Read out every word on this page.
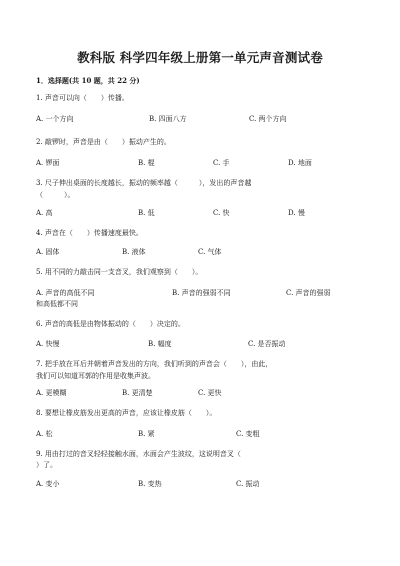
教科版 科学四年级上册第一单元声音测试卷
1．选择题(共 10 题，共 22 分)
1. 声音可以向（　　）传播。
A. 一个方向	B. 四面八方	C. 两个方向
2. 敲锣时，声音是由（　　）振动产生的。
A. 锣面	B. 棍	C. 手	D. 地面
3. 尺子伸出桌面的长度越长，振动的频率越（　　　），发出的声音越
（　　　）。
A. 高	B. 低	C. 快	D. 慢
4. 声音在（　　）传播速度最快。
A. 固体	B. 液体	C. 气体
5. 用不同的力敲击同一支音叉，我们观察到（　　）。
A. 声音的高低不同	B. 声音的强弱不同	C. 声音的强弱
和高低都不同
6. 声音的高低是由物体振动的（　　）决定的。
A. 快慢	B. 幅度	C. 是否振动
7. 把手放在耳后并朝着声音发出的方向，我们听到的声音会（　　），由此，
我们可以知道耳郭的作用是收集声波。
A. 更模糊	B. 更清楚	C. 更快
8. 要想让橡皮筋发出更高的声音，应该让橡皮筋（　　）。
A. 松	B. 紧	C. 变粗
9. 用由打过的音叉轻轻接触水面，水面会产生波纹，这说明音叉（　　
）了。
A. 变小	B. 变热	C. 振动
